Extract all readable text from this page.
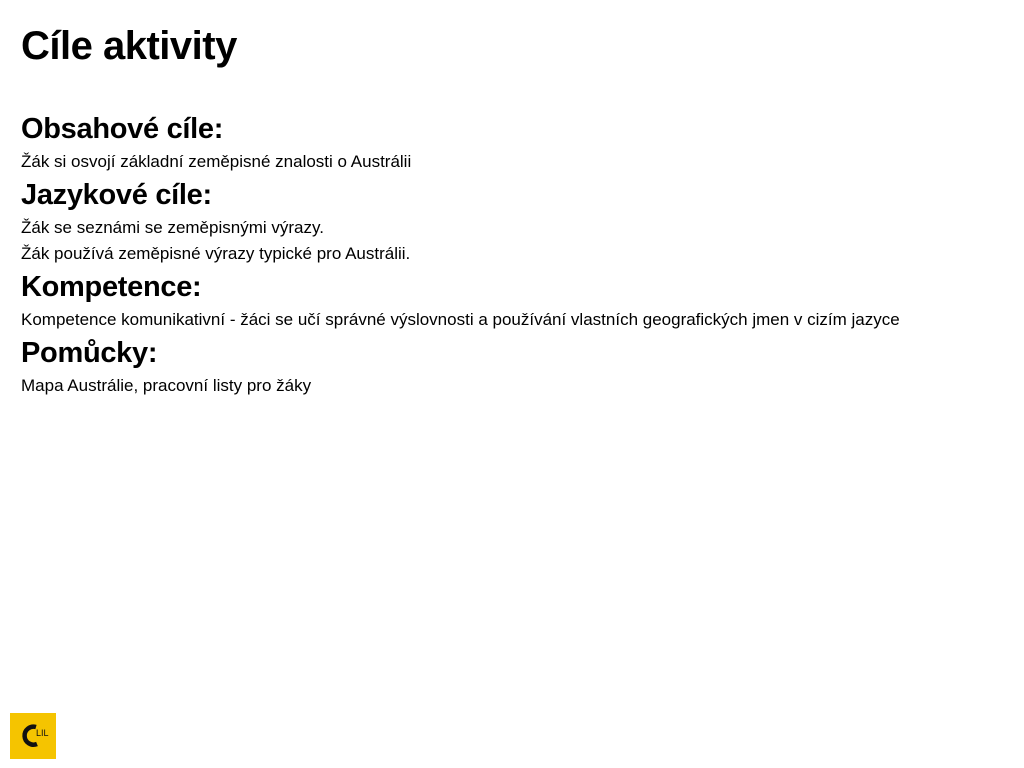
Cíle aktivity
Obsahové cíle:

Žák si osvojí základní zeměpisné znalosti o Austrálii

Jazykové cíle:

Žák se seznámi se zeměpisnými výrazy.

Žák používá zeměpisné výrazy typické pro Austrálii.

Kompetence:

Kompetence komunikativní - žáci se učí správné výslovnosti a používání vlastních geografických jmen v cizím jazyce

Pomůcky:

Mapa Austrálie, pracovní listy pro žáky

LIL
